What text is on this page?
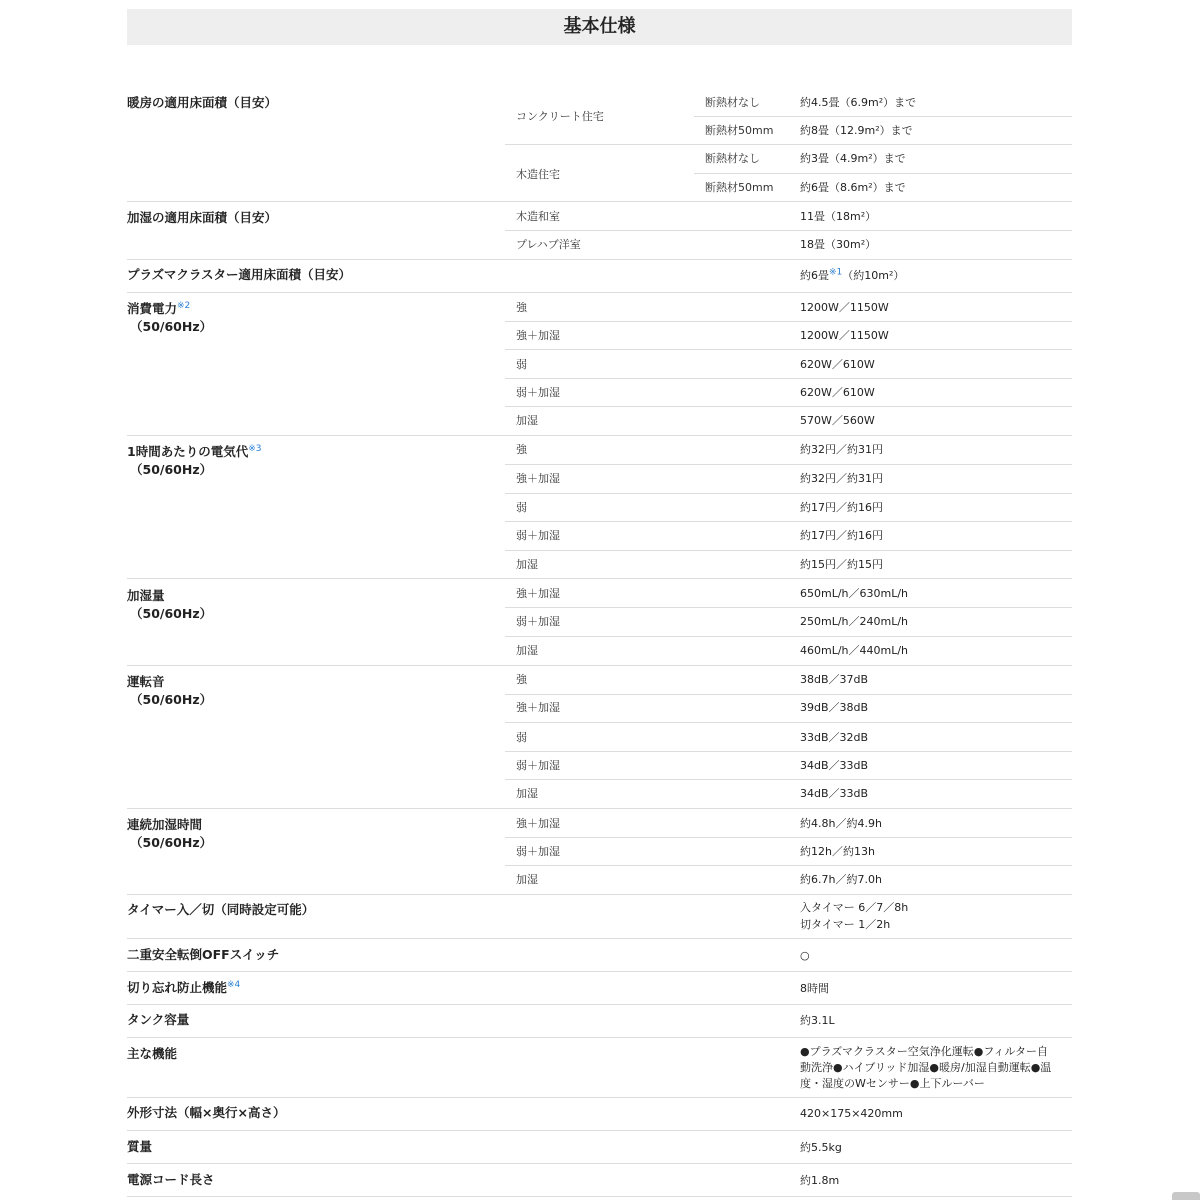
基本仕様
暖房の適用床面積（目安）
コンクリート住宅
断熱材なし	約4.5畳（6.9m²）まで
断熱材50mm 約8畳（12.9m²）まで
木造住宅
断熱材なし	約3畳（4.9m²）まで
断熱材50mm 約6畳（8.6m²）まで
加湿の適用床面積（目安）	木造和室	11畳（18m²）
プレハブ洋室	18畳（30m²）
プラズマクラスター適用床面積（目安）	約6畳$^{※1}$（約10m²）
消費電力$^{※2}$
（50/60Hz）
強	1200W／1150W
強＋加湿	1200W／1150W
弱	620W／610W
弱＋加湿	620W／610W
加湿	570W／560W
1時間あたりの電気代$^{※3}$
（50/60Hz）
強	約32円／約31円
強＋加湿	約32円／約31円
弱	約17円／約16円
弱＋加湿	約17円／約16円
加湿	約15円／約15円
加湿量
（50/60Hz）
強＋加湿	650mL/h／630mL/h
弱＋加湿	250mL/h／240mL/h
加湿	460mL/h／440mL/h
運転音
（50/60Hz）
強	38dB／37dB
強＋加湿	39dB／38dB
弱	33dB／32dB
弱＋加湿	34dB／33dB
加湿	34dB／33dB
連続加湿時間
（50/60Hz）
強＋加湿	約4.8h／約4.9h
弱＋加湿	約12h／約13h
加湿	約6.7h／約7.0h
タイマー入／切（同時設定可能）	入タイマー 6／7／8h
切タイマー 1／2h
二重安全転倒OFFスイッチ	○
切り忘れ防止機能$^{※4}$	8時間
タンク容量	約3.1L
主な機能	●プラズマクラスター空気浄化運転●フィルター自
動洗浄●ハイブリッド加湿●暖房/加湿自動運転●温
度・湿度のWセンサー●上下ルーバー
外形寸法（幅×奥行×高さ）	420×175×420mm
質量	約5.5kg
電源コード長さ	約1.8m
